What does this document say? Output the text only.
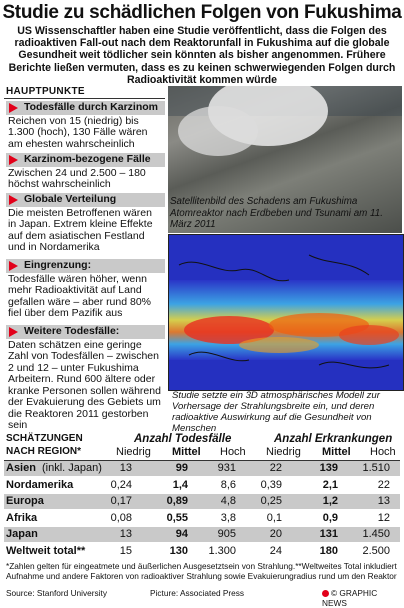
Studie zu schädlichen Folgen von Fukushima
US Wissenschaftler haben eine Studie veröffentlicht, dass die Folgen des radioaktiven Fall-out nach dem Reaktorunfall in Fukushima auf die globale Gesundheit weit tödlicher sein könnten als bisher angenommen. Frühere Berichte ließen vermuten, dass es zu keinen schwerwiegenden Folgen durch Radioaktivität kommen würde
HAUPTPUNKTE
Todesfälle durch Karzinom
Reichen von 15 (niedrig) bis 1.300 (hoch), 130 Fälle wären am ehesten wahrscheinlich
Karzinom-bezogene Fälle
Zwischen 24 und 2.500 – 180 höchst wahrscheinlich
Globale Verteilung
Die meisten Betroffenen wären in Japan. Extrem kleine Effekte auf dem asiatischen Festland und in Nordamerika
Eingrenzung:
Todesfälle wären höher, wenn mehr Radioaktivität auf Land gefallen wäre – aber rund 80% fiel über dem Pazifik aus
Weitere Todesfälle:
Daten schätzen eine geringe Zahl von Todesfällen – zwischen 2 und 12 – unter Fukushima Arbeitern. Rund 600 ältere oder kranke Personen sollen während der Evakuierung des Gebiets um die Reaktoren 2011 gestorben sein
Satellitenbild des Schadens am Fukushima Atomreaktor nach Erdbeben und Tsunami am 11. März 2011
Studie setzte ein 3D atmosphärisches Modell zur Vorhersage der Strahlungsbreite ein, und deren radioaktive Auswirkung auf die Gesundheit von Menschen
SCHÄTZUNGEN	Anzahl Todesfälle	Anzahl Erkrankungen
NACH REGION*	Niedrig Mittel Hoch Niedrig Mittel Hoch
Asien (inkl. Japan) 13	99	931	22	139 1.510
Nordamerika	0,24	1,4	8,6 0,39	2,1	22
Europa	0,17	0,89	4,8 0,25	1,2	13
Afrika	0,08	0,55	3,8	0,1	0,9	12
Japan	13	94	905	20	131 1.450
Weltweit total**	15	130 1.300	24	180 2.500
*Zahlen gelten für eingeatmete und äußerlichen Ausgesetztsein von Strahlung.**Weltweites Total inkludiert Aufnahme und andere Faktoren von radioaktiver Strahlung sowie Evakuierungradius rund um den Reaktor
Source: Stanford University	Picture: Associated Press	© GRAPHIC NEWS
